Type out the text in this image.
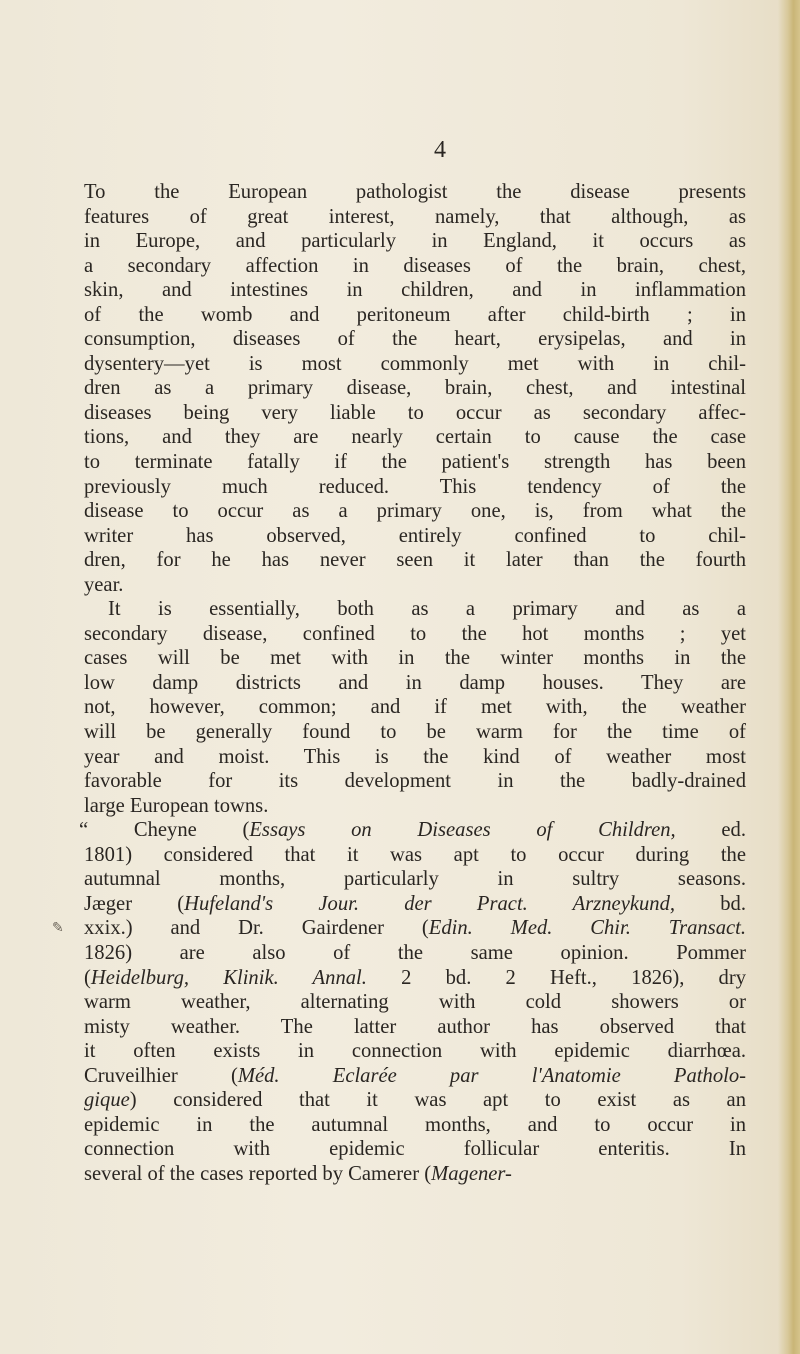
4
To the European pathologist the disease presents
features of great interest, namely, that although, as
in Europe, and particularly in England, it occurs as
a secondary affection in diseases of the brain, chest,
skin, and intestines in children, and in inflammation
of the womb and peritoneum after child-birth ; in
consumption, diseases of the heart, erysipelas, and in
dysentery—yet is most commonly met with in chil-
dren as a primary disease, brain, chest, and intestinal
diseases being very liable to occur as secondary affec-
tions, and they are nearly certain to cause the case
to terminate fatally if the patient's strength has been
previously much reduced. This tendency of the
disease to occur as a primary one, is, from what the
writer has observed, entirely confined to chil-
dren, for he has never seen it later than the fourth
year.
It is essentially, both as a primary and as a
secondary disease, confined to the hot months ; yet
cases will be met with in the winter months in the
low damp districts and in damp houses. They are
not, however, common; and if met with, the weather
will be generally found to be warm for the time of
year and moist. This is the kind of weather most
favorable for its development in the badly-drained
large European towns.
“ Cheyne (Essays on Diseases of Children, ed.
1801) considered that it was apt to occur during the
autumnal months, particularly in sultry seasons.
Jæger (Hufeland's Jour. der Pract. Arzneykund, bd.
xxix.) and Dr. Gairdener (Edin. Med. Chir. Transact.
1826) are also of the same opinion. Pommer
(Heidelburg, Klinik. Annal. 2 bd. 2 Heft., 1826), dry
warm weather, alternating with cold showers or
misty weather. The latter author has observed that
it often exists in connection with epidemic diarrhœa.
Cruveilhier (Méd. Eclarée par l'Anatomie Patholo-
gique) considered that it was apt to exist as an
epidemic in the autumnal months, and to occur in
connection with epidemic follicular enteritis. In
several of the cases reported by Camerer (Magener-
✎
